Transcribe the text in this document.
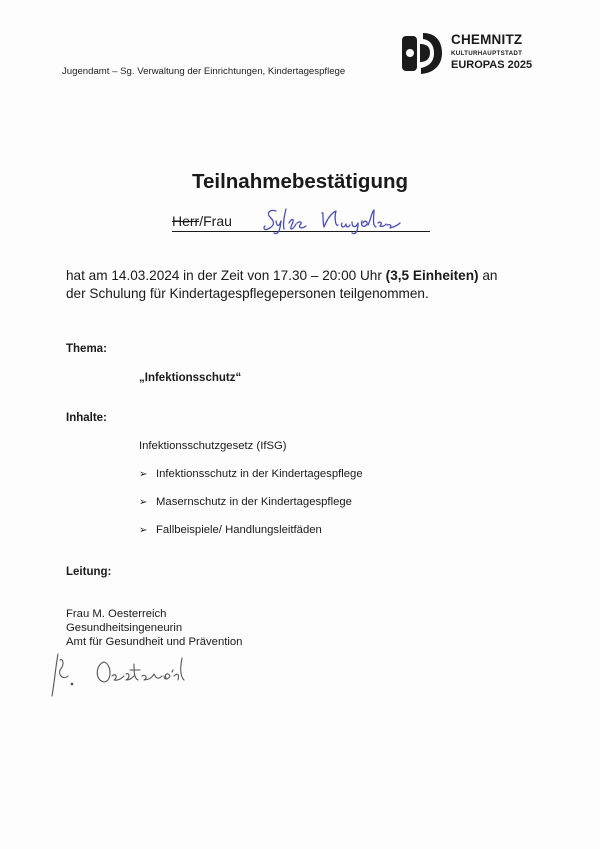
Jugendamt – Sg. Verwaltung der Einrichtungen, Kindertagespflege
CHEMNITZ
KULTURHAUPTSTADT
EUROPAS 2025
Teilnahmebestätigung
Herr/Frau
hat am 14.03.2024 in der Zeit von 17.30 – 20:00 Uhr (3,5 Einheiten) an
der Schulung für Kindertagespflegepersonen teilgenommen.
Thema:
„Infektionsschutz“
Inhalte:
Infektionsschutzgesetz (IfSG)
➢ Infektionsschutz in der Kindertagespflege
➢ Masernschutz in der Kindertagespflege
➢ Fallbeispiele/ Handlungsleitfäden
Leitung:
Frau M. Oesterreich
Gesundheitsingeneurin
Amt für Gesundheit und Prävention
